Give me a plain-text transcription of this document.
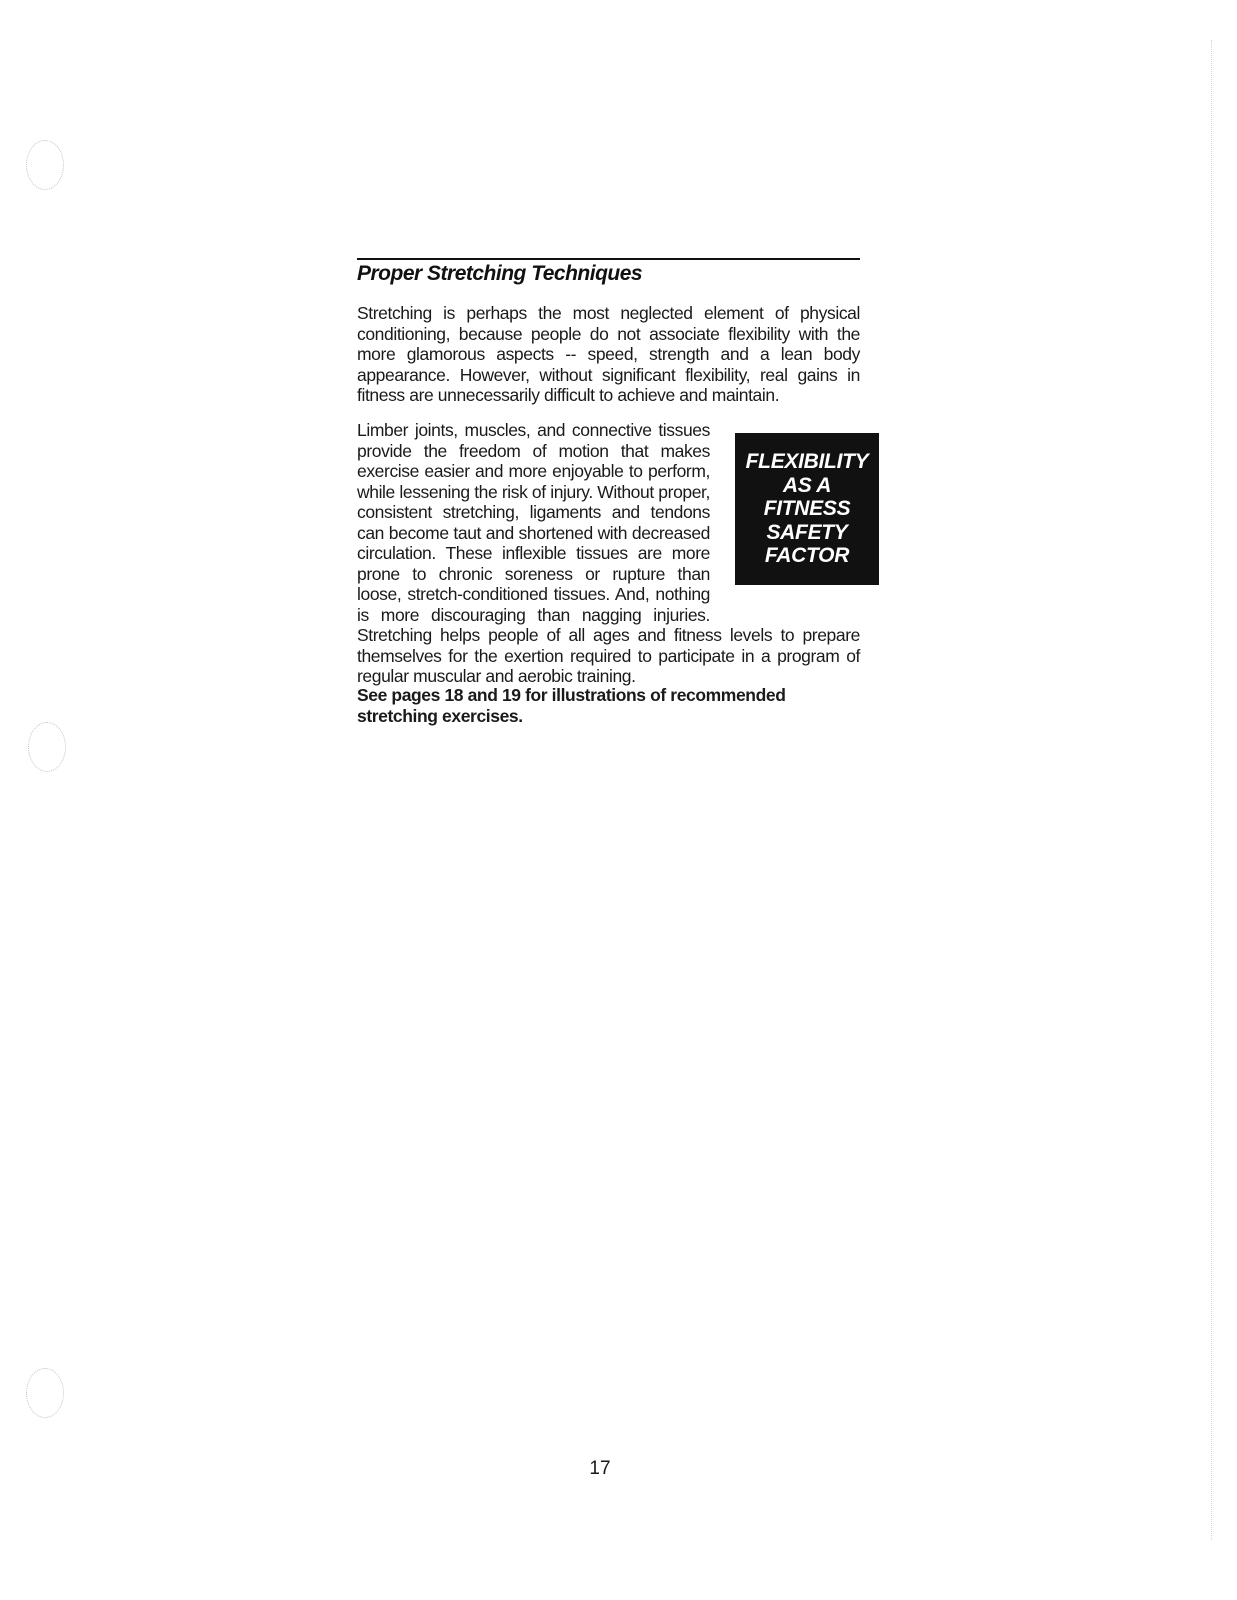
Proper Stretching Techniques

Stretching is perhaps the most neglected element of physical conditioning, because people do not associate flexibility with the more glamorous aspects -- speed, strength and a lean body appearance. However, without significant flexibility, real gains in fitness are unnecessarily difficult to achieve and maintain.

Limber joints, muscles, and connective tissues provide the freedom of motion that makes exercise easier and more enjoyable to perform, while lessening the risk of injury. Without proper, consistent stretching, ligaments and tendons can become taut and shortened with decreased circulation. These inflexible tissues are more prone to chronic soreness or rupture than loose, stretch-conditioned tissues. And, nothing is more discouraging than nagging injuries. Stretching helps people of all ages and fitness levels to prepare themselves for the exertion required to participate in a program of regular muscular and aerobic training.
FLEXIBILITY
AS A
FITNESS
SAFETY
FACTOR

See pages 18 and 19 for illustrations of recommended stretching exercises.

17
